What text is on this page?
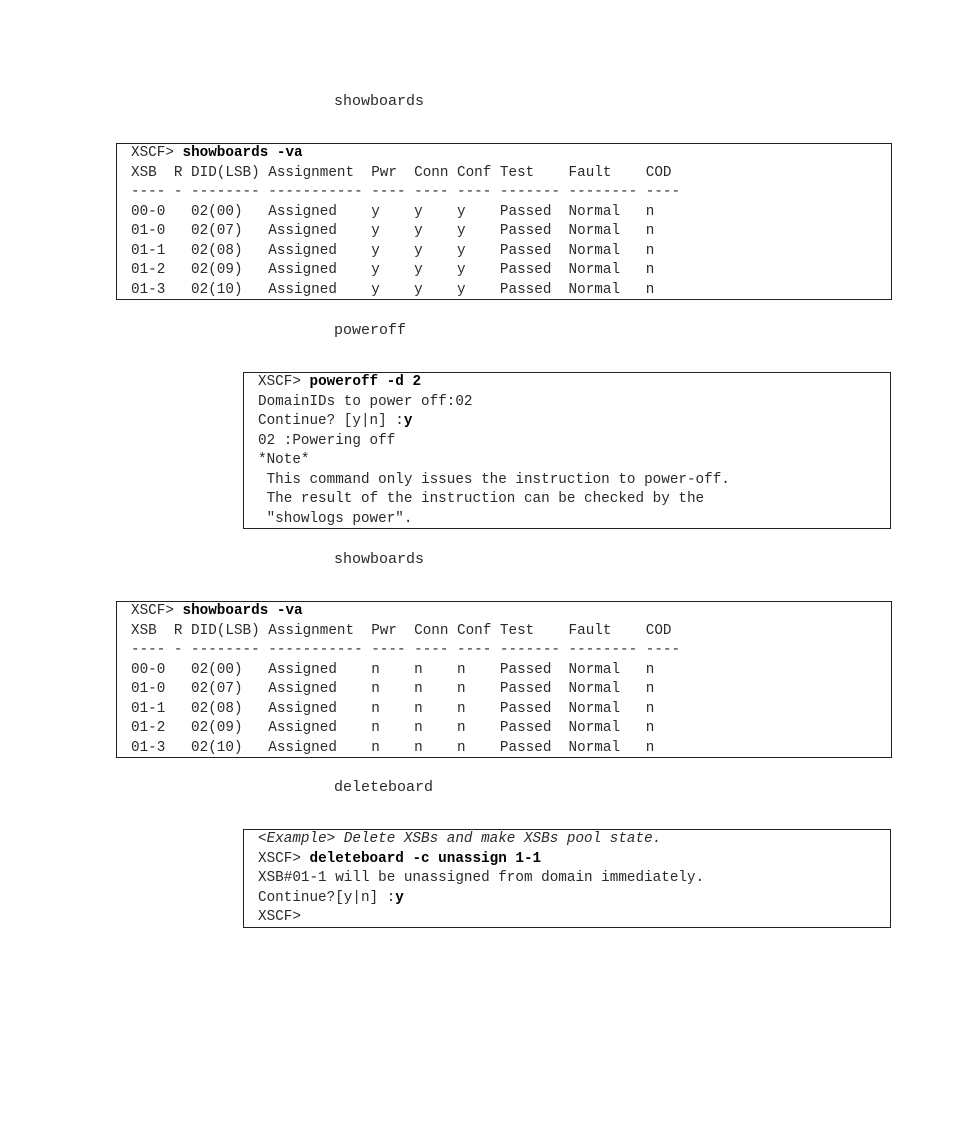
showboards
XSCF> showboards -va
XSB  R DID(LSB) Assignment  Pwr  Conn Conf Test    Fault    COD
---- - -------- ----------- ---- ---- ---- ------- -------- ----
00-0   02(00)   Assigned    y    y    y    Passed  Normal   n
01-0   02(07)   Assigned    y    y    y    Passed  Normal   n
01-1   02(08)   Assigned    y    y    y    Passed  Normal   n
01-2   02(09)   Assigned    y    y    y    Passed  Normal   n
01-3   02(10)   Assigned    y    y    y    Passed  Normal   n
poweroff
XSCF> poweroff -d 2
DomainIDs to power off:02
Continue? [y|n] :y
02 :Powering off
*Note*
This command only issues the instruction to power-off.
The result of the instruction can be checked by the
"showlogs power".
showboards
XSCF> showboards -va
XSB  R DID(LSB) Assignment  Pwr  Conn Conf Test    Fault    COD
---- - -------- ----------- ---- ---- ---- ------- -------- ----
00-0   02(00)   Assigned    n    n    n    Passed  Normal   n
01-0   02(07)   Assigned    n    n    n    Passed  Normal   n
01-1   02(08)   Assigned    n    n    n    Passed  Normal   n
01-2   02(09)   Assigned    n    n    n    Passed  Normal   n
01-3   02(10)   Assigned    n    n    n    Passed  Normal   n
deleteboard
<Example> Delete XSBs and make XSBs pool state.
XSCF> deleteboard -c unassign 1-1
XSB#01-1 will be unassigned from domain immediately.
Continue?[y|n] :y
XSCF>
